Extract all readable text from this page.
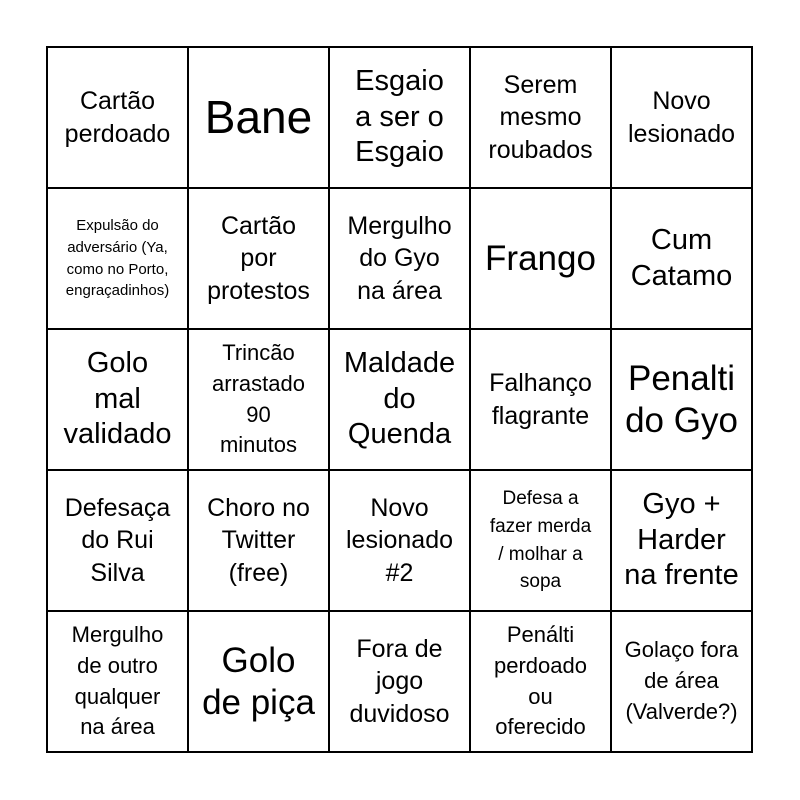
Cartão
perdoado Bane
Esgaio
a ser o
Esgaio
Serem
mesmo
roubados
Novo
lesionado
Expulsão do
adversário (Ya,
como no Porto,
engraçadinhos)
Cartão
por
protestos
Mergulho
do Gyo
na área
Frango	Cum
Catamo
Golo
mal
validado
Trincão
arrastado
90
minutos
Maldade
do
Quenda
Falhanço
flagrante
Penalti
do Gyo
Defesaça
do Rui
Silva
Choro no
Twitter
(free)
Novo
lesionado
#2
Defesa a
fazer merda
/ molhar a
sopa
Gyo +
Harder
na frente
Mergulho
de outro
qualquer
na área
Golo
de piça
Fora de
jogo
duvidoso
Penálti
perdoado
ou
oferecido
Golaço fora
de área
(Valverde?)
